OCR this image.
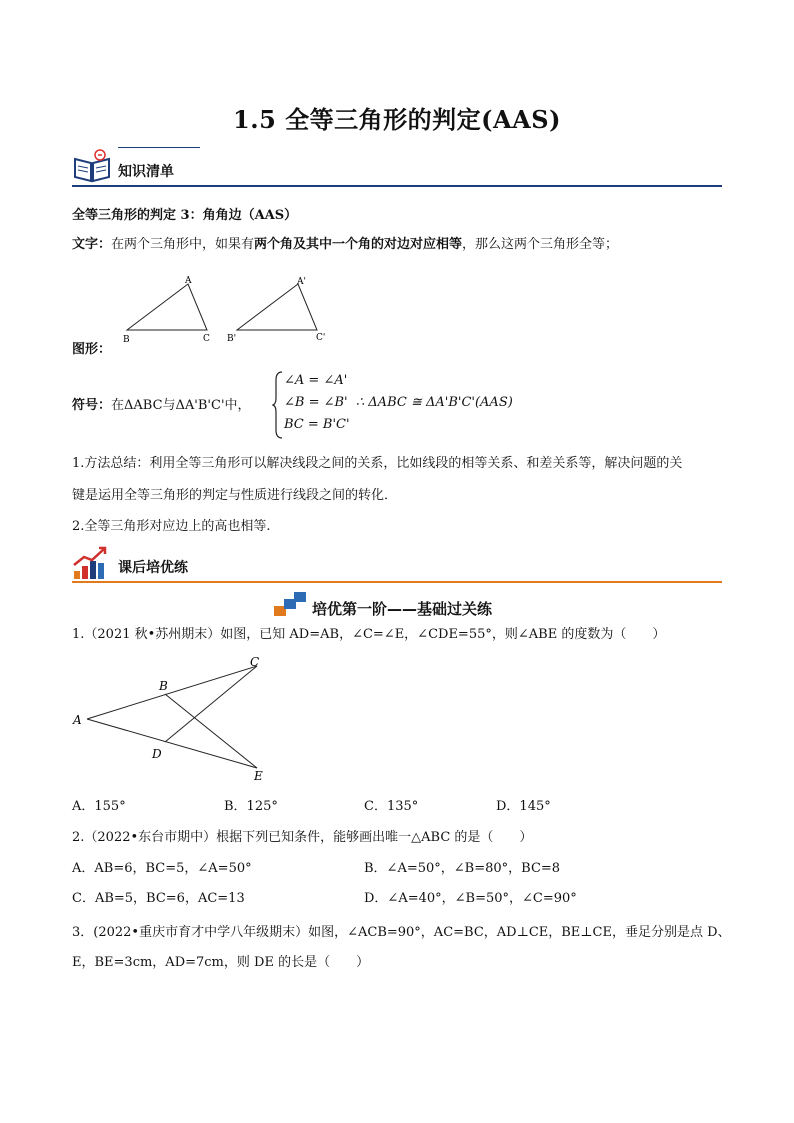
1.5 全等三角形的判定(AAS)
知识清单
全等三角形的判定 3：角角边（AAS）
文字：在两个三角形中，如果有两个角及其中一个角的对边对应相等，那么这两个三角形全等；
A
B	C
A'
B'	C'
图形：
符号：在ΔABC与ΔA'B'C'中，
∠A = ∠A'
∠B = ∠B' ∴ ΔABC ≅ ΔA'B'C'(AAS)
BC = B'C'
1.方法总结：利用全等三角形可以解决线段之间的关系，比如线段的相等关系、和差关系等，解决问题的关
键是运用全等三角形的判定与性质进行线段之间的转化．
2.全等三角形对应边上的高也相等.
课后培优练
培优第一阶——基础过关练
1.（2021 秋•苏州期末）如图，已知 AD=AB，∠C=∠E，∠CDE=55°，则∠ABE 的度数为（　　）
A
B
C
D
E
A．155°	B．125°	C．135°	D．145°
2.（2022•东台市期中）根据下列已知条件，能够画出唯一△ABC 的是（　　）
A．AB=6，BC=5，∠A=50°	B．∠A=50°，∠B=80°，BC=8
C．AB=5，BC=6，AC=13	D．∠A=40°，∠B=50°，∠C=90°
3．(2022•重庆市育才中学八年级期末）如图，∠ACB=90°，AC=BC，AD⊥CE，BE⊥CE，垂足分别是点 D、
E，BE=3cm，AD=7cm，则 DE 的长是（　　）
